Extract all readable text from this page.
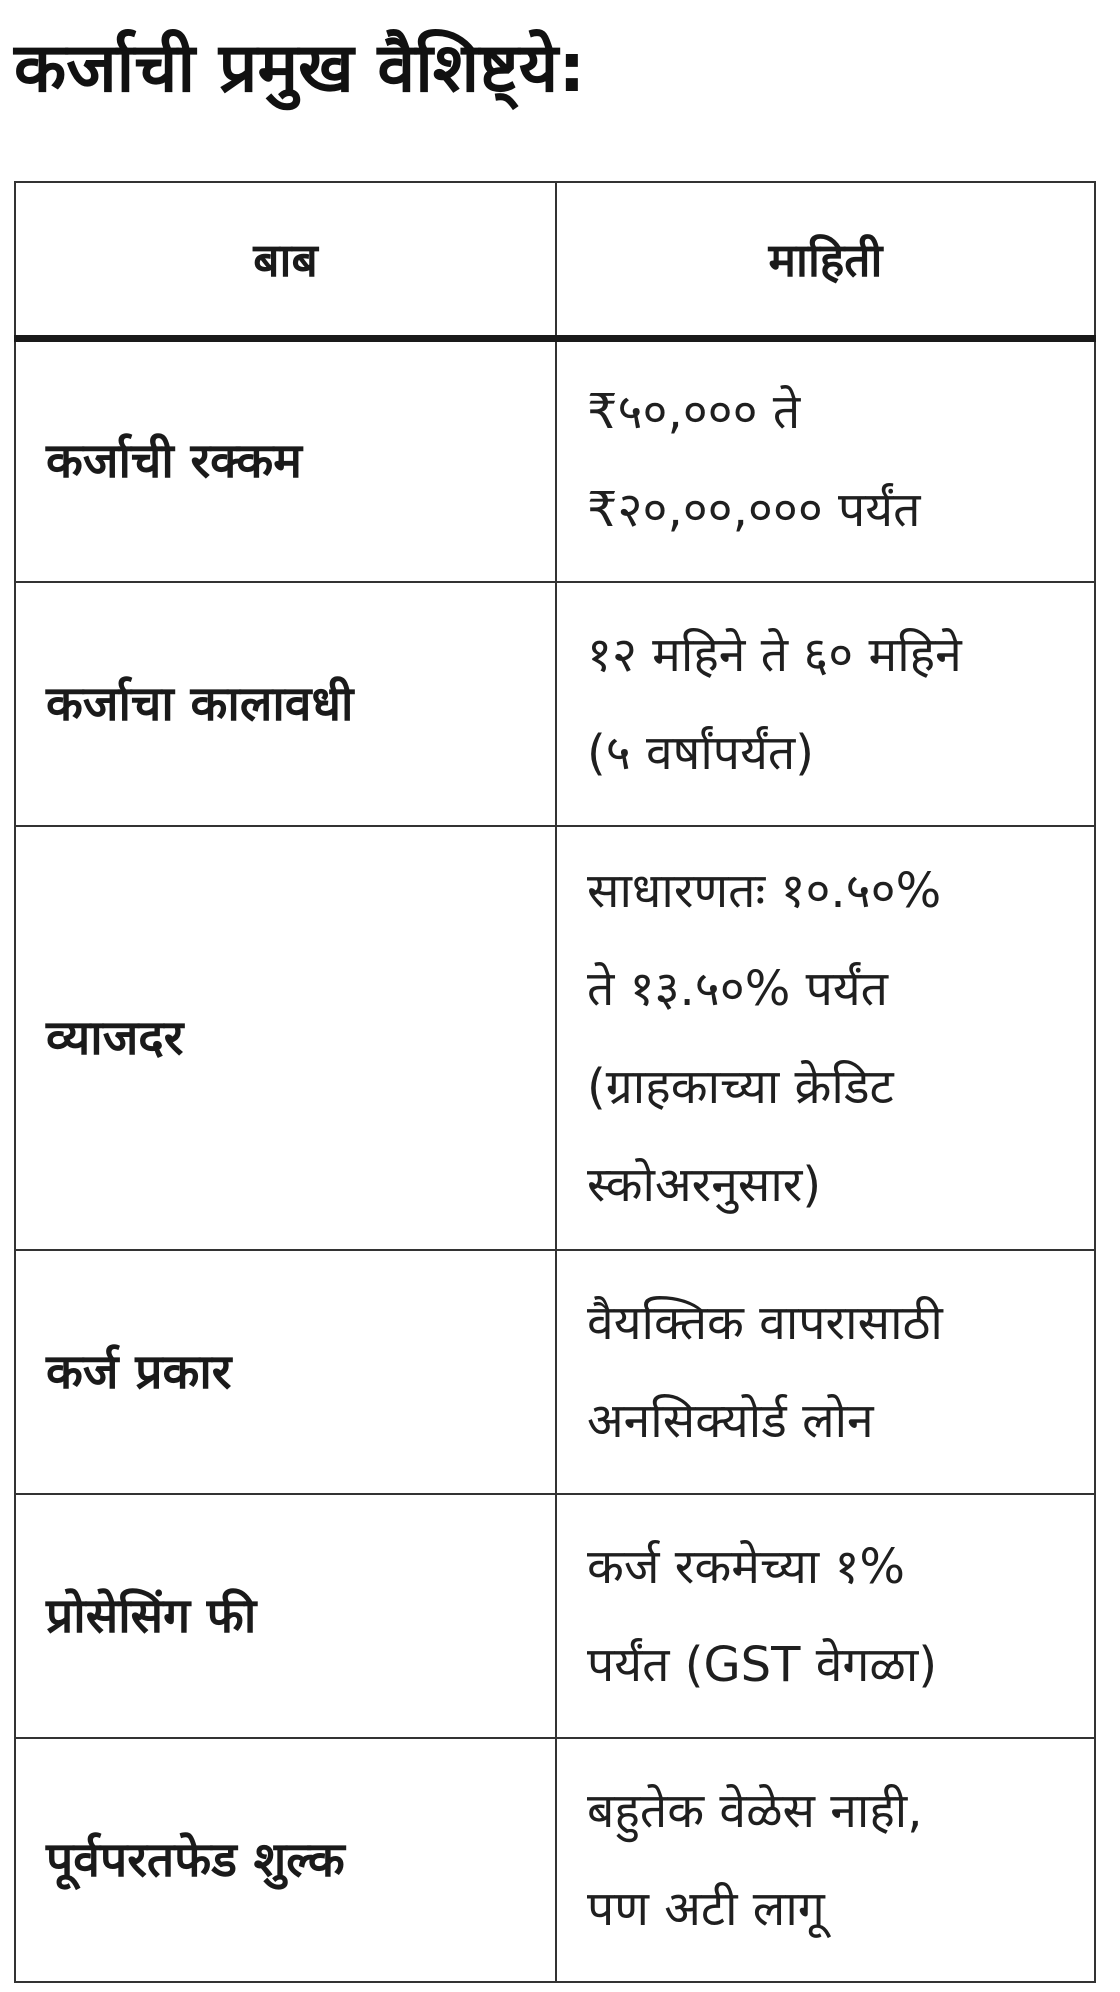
कर्जाची प्रमुख वैशिष्ट्ये:
बाब	माहिती
कर्जाची रक्कम	₹५०,००० ते
₹२०,००,००० पर्यंत

कर्जाचा कालावधी	१२ महिने ते ६० महिने
(५ वर्षांपर्यंत)

व्याजदर	साधारणतः १०.५०%
ते १३.५०% पर्यंत
(ग्राहकाच्या क्रेडिट
स्कोअरनुसार)

कर्ज प्रकार	वैयक्तिक वापरासाठी
अनसिक्योर्ड लोन

प्रोसेसिंग फी	कर्ज रकमेच्या १%
पर्यंत (GST वेगळा)

पूर्वपरतफेड शुल्क	बहुतेक वेळेस नाही,
पण अटी लागू
